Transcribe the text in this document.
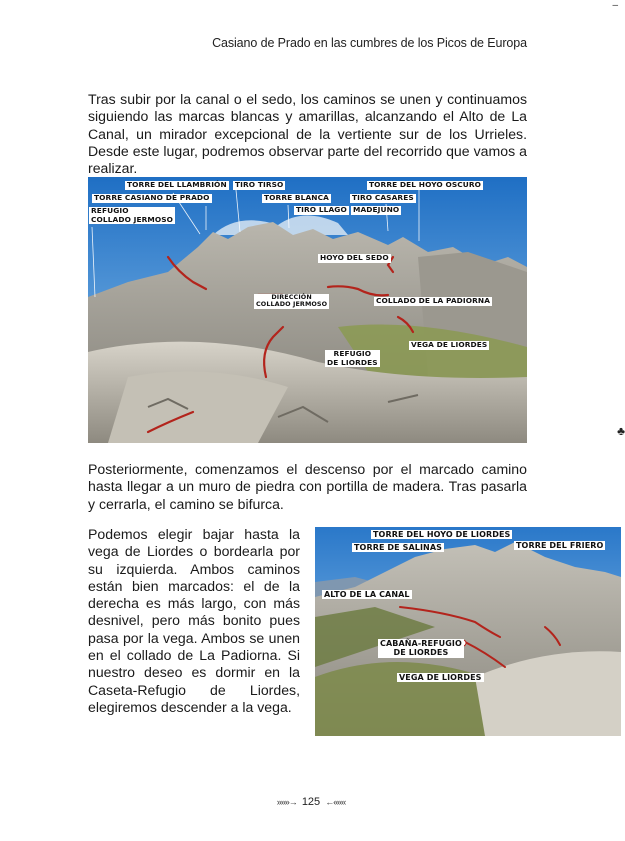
–
Casiano de Prado en las cumbres de los Picos de Europa

Tras subir por la canal o el sedo, los caminos se unen y continuamos siguiendo las marcas blancas y amarillas, alcanzando el Alto de La Canal, un mirador excepcional de la vertiente sur de los Urrieles. Desde este lugar, podremos observar parte del recorrido que vamos a realizar.

TORRE DEL LLAMBRIÓN TIRO TIRSO	TORRE DEL HOYO OSCURO
TORRE CASIANO DE PRADO	TORRE BLANCA	TIRO CASARES
REFUGIO
COLLADO JERMOSO
TIRO LLAGO MADEJUNO
HOYO DEL SEDO
DIRECCIÓN
COLLADO JERMOSO	COLLADO DE LA PADIORNA
VEGA DE LIORDES
REFUGIO
DE LIORDES
♣

Posteriormente, comenzamos el descenso por el marcado camino hasta llegar a un muro de piedra con portilla de madera. Tras pasarla y cerrarla, el camino se bifurca.

Podemos elegir bajar hasta la vega de Liordes o bordearla por su izquierda. Ambos caminos están bien marcados: el de la derecha es más largo, con más desnivel, pero más bonito pues pasa por la vega. Ambos se unen en el collado de La Padiorna. Si nuestro deseo es dormir en la Caseta-Refugio de Liordes, elegiremos descender a la vega.

TORRE DEL HOYO DE LIORDES
TORRE DE SALINAS	TORRE DEL FRIERO
ALTO DE LA CANAL
CABAÑA-REFUGIO
DE LIORDES
VEGA DE LIORDES
»»»→ 125 ←«««
